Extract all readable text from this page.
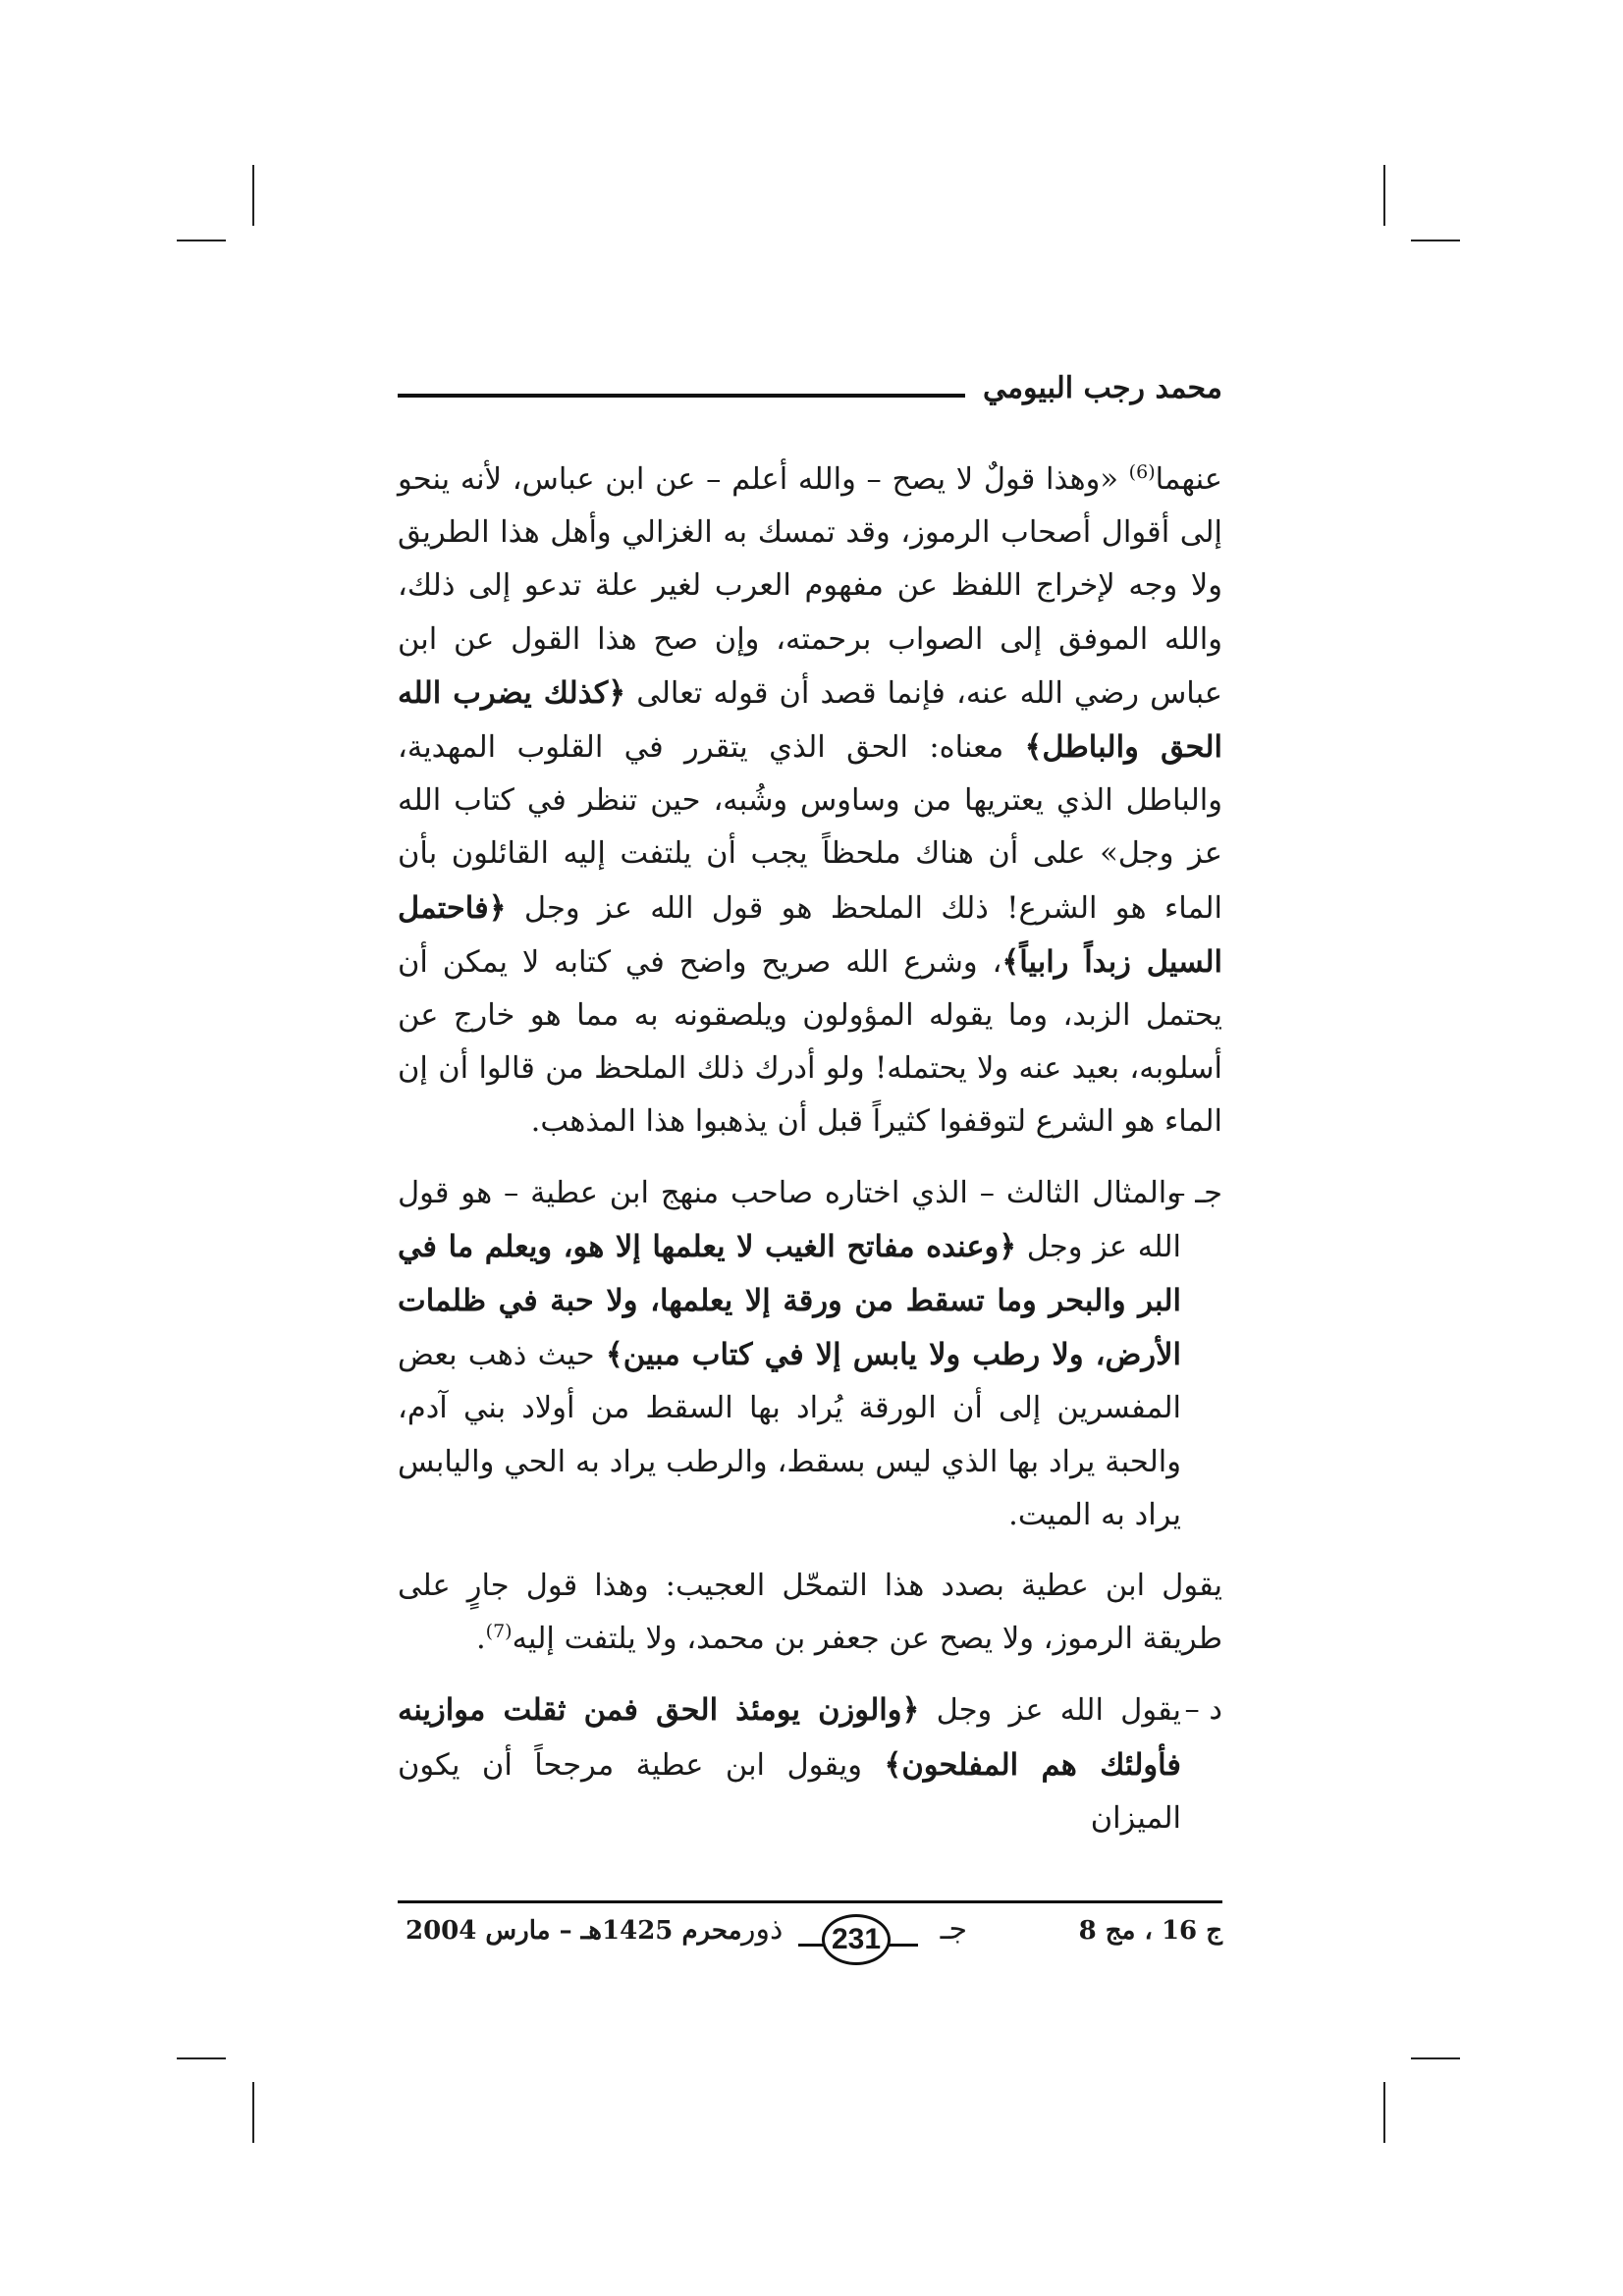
محمد رجب البيومي

عنهما$^{(6)}$ «وهذا قولٌ لا يصح – والله أعلم – عن ابن عباس، لأنه ينحو إلى أقوال أصحاب الرموز، وقد تمسك به الغزالي وأهل هذا الطريق ولا وجه لإخراج اللفظ عن مفهوم العرب لغير علة تدعو إلى ذلك، والله الموفق إلى الصواب برحمته، وإن صح هذا القول عن ابن عباس رضي الله عنه، فإنما قصد أن قوله تعالى ﴿كذلك يضرب الله الحق والباطل﴾ معناه: الحق الذي يتقرر في القلوب المهدية، والباطل الذي يعتريها من وساوس وشُبه، حين تنظر في كتاب الله عز وجل» على أن هناك ملحظاً يجب أن يلتفت إليه القائلون بأن الماء هو الشرع! ذلك الملحظ هو قول الله عز وجل ﴿فاحتمل السيل زبداً رابياً﴾، وشرع الله صريح واضح في كتابه لا يمكن أن يحتمل الزبد، وما يقوله المؤولون ويلصقونه به مما هو خارج عن أسلوبه، بعيد عنه ولا يحتمله! ولو أدرك ذلك الملحظ من قالوا أن إن الماء هو الشرع لتوقفوا كثيراً قبل أن يذهبوا هذا المذهب.

جـ –
والمثال الثالث – الذي اختاره صاحب منهج ابن عطية – هو قول الله عز وجل ﴿وعنده مفاتح الغيب لا يعلمها إلا هو، ويعلم ما في البر والبحر وما تسقط من ورقة إلا يعلمها، ولا حبة في ظلمات الأرض، ولا رطب ولا يابس إلا في كتاب مبين﴾ حيث ذهب بعض المفسرين إلى أن الورقة يُراد بها السقط من أولاد بني آدم، والحبة يراد بها الذي ليس بسقط، والرطب يراد به الحي واليابس يراد به الميت.

يقول ابن عطية بصدد هذا التمحّل العجيب: وهذا قول جارٍ على طريقة الرموز، ولا يصح عن جعفر بن محمد، ولا يلتفت إليه$^{(7)}$.

د –
يقول الله عز وجل ﴿والوزن يومئذ الحق فمن ثقلت موازينه فأولئك هم المفلحون﴾ ويقول ابن عطية مرجحاً أن يكون الميزان

ج 16 ، مج 8
ذور	231	جـ
محرم 1425هـ – مارس 2004
